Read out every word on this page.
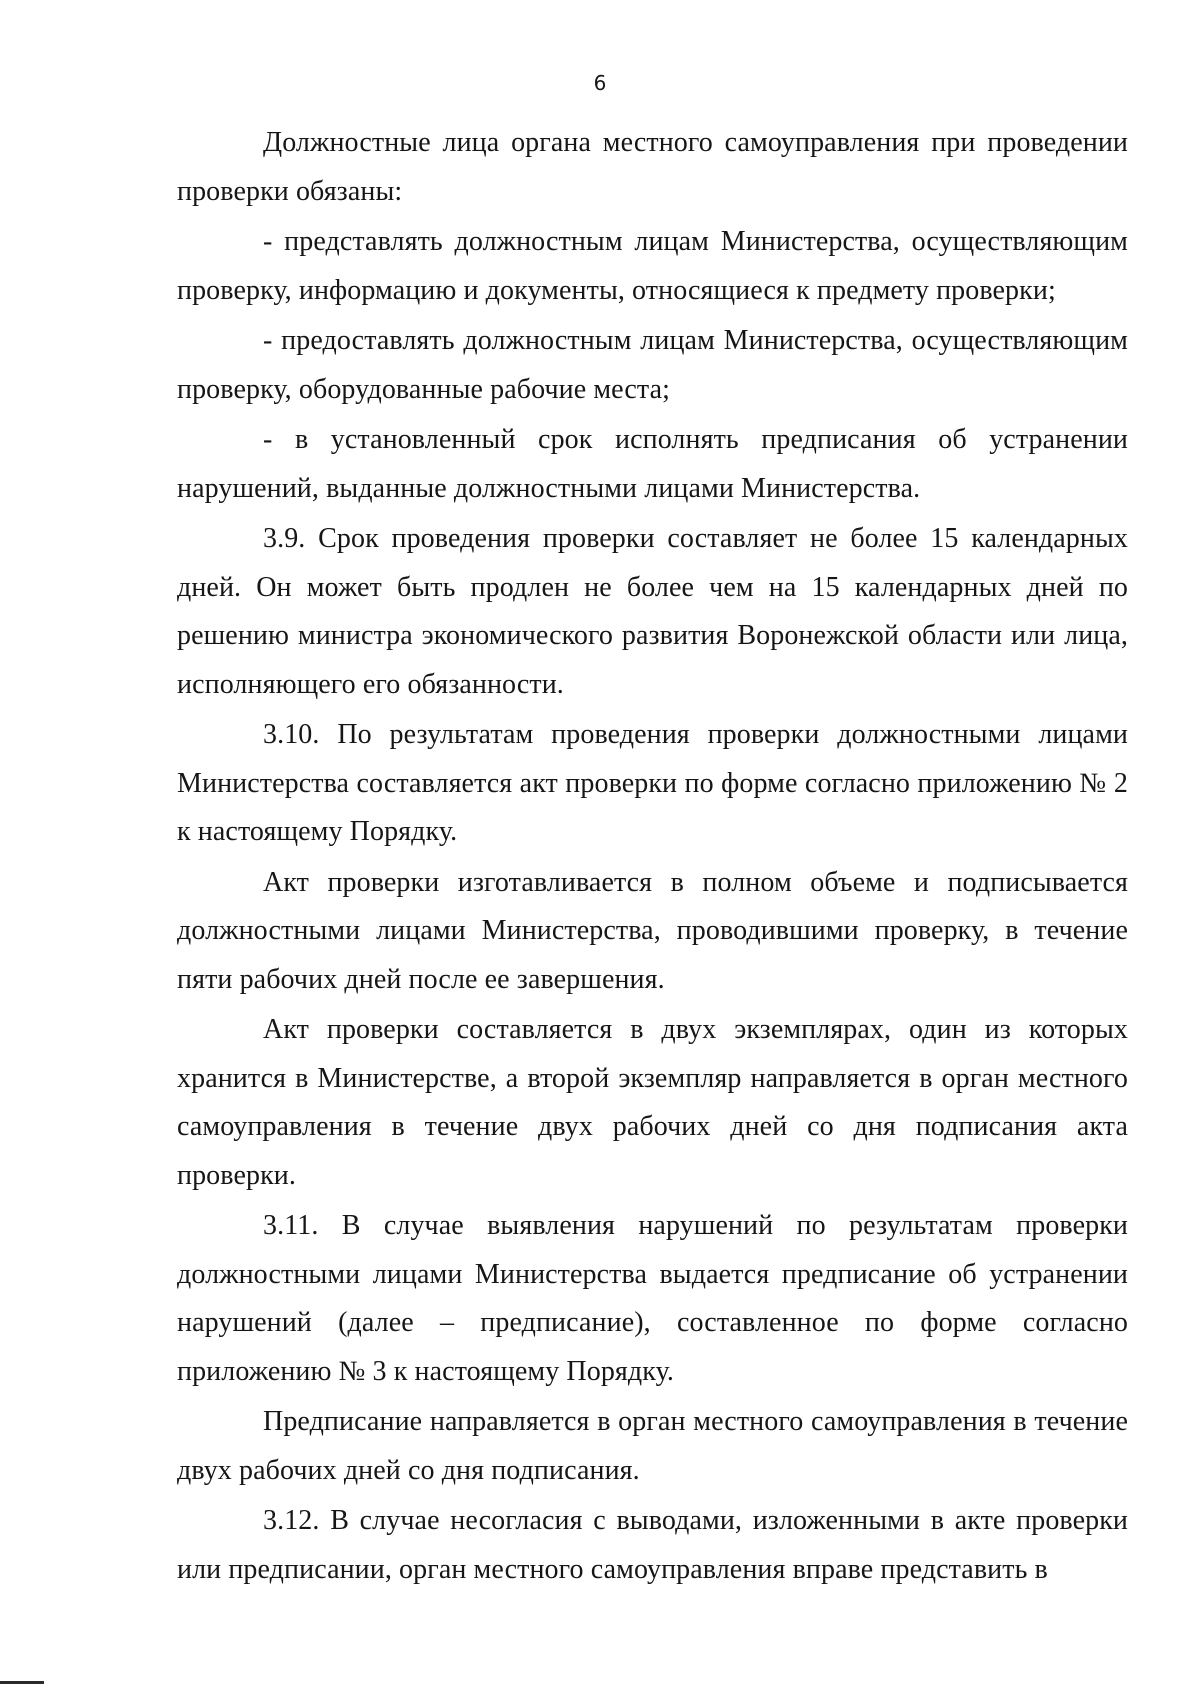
6

Должностные лица органа местного самоуправления при проведении проверки обязаны:

- представлять должностным лицам Министерства, осуществляющим проверку, информацию и документы, относящиеся к предмету проверки;

- предоставлять должностным лицам Министерства, осуществляющим проверку, оборудованные рабочие места;

- в установленный срок исполнять предписания об устранении нарушений, выданные должностными лицами Министерства.

3.9. Срок проведения проверки составляет не более 15 календарных дней. Он может быть продлен не более чем на 15 календарных дней по решению министра экономического развития Воронежской области или лица, исполняющего его обязанности.

3.10. По результатам проведения проверки должностными лицами Министерства составляется акт проверки по форме согласно приложению № 2 к настоящему Порядку.

Акт проверки изготавливается в полном объеме и подписывается должностными лицами Министерства, проводившими проверку, в течение пяти рабочих дней после ее завершения.

Акт проверки составляется в двух экземплярах, один из которых хранится в Министерстве, а второй экземпляр направляется в орган местного самоуправления в течение двух рабочих дней со дня подписания акта проверки.

3.11. В случае выявления нарушений по результатам проверки должностными лицами Министерства выдается предписание об устранении нарушений (далее – предписание), составленное по форме согласно приложению № 3 к настоящему Порядку.

Предписание направляется в орган местного самоуправления в течение двух рабочих дней со дня подписания.

3.12. В случае несогласия с выводами, изложенными в акте проверки или предписании, орган местного самоуправления вправе представить в
